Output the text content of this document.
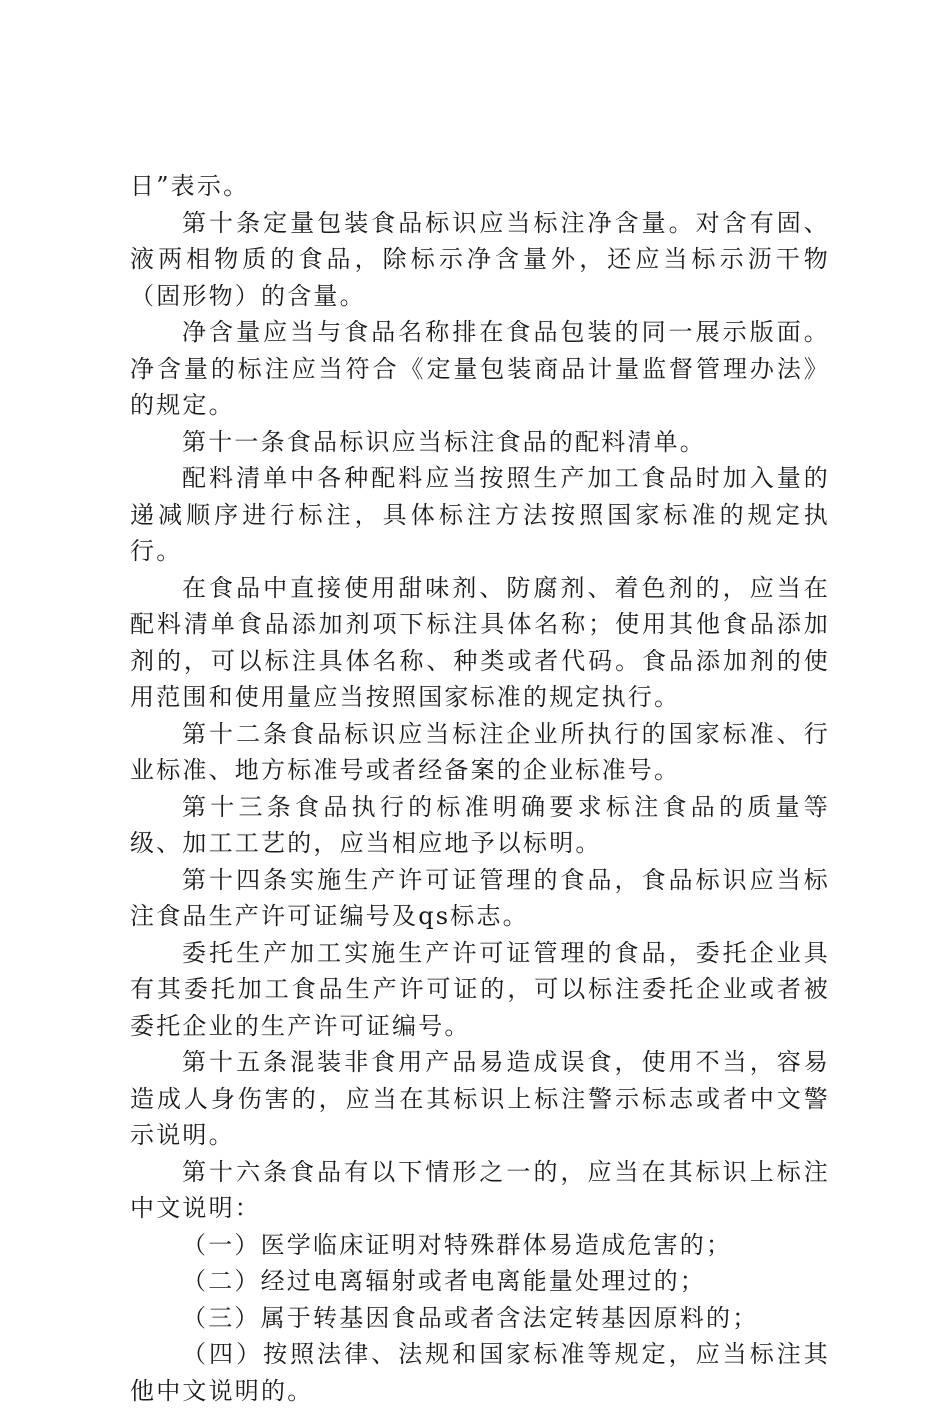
日”表示。

第十条定量包装食品标识应当标注净含量。对含有固、液两相物质的食品，除标示净含量外，还应当标示沥干物（固形物）的含量。

净含量应当与食品名称排在食品包装的同一展示版面。净含量的标注应当符合《定量包装商品计量监督管理办法》的规定。

第十一条食品标识应当标注食品的配料清单。

配料清单中各种配料应当按照生产加工食品时加入量的递减顺序进行标注，具体标注方法按照国家标准的规定执行。

在食品中直接使用甜味剂、防腐剂、着色剂的，应当在配料清单食品添加剂项下标注具体名称；使用其他食品添加剂的，可以标注具体名称、种类或者代码。食品添加剂的使用范围和使用量应当按照国家标准的规定执行。

第十二条食品标识应当标注企业所执行的国家标准、行业标准、地方标准号或者经备案的企业标准号。

第十三条食品执行的标准明确要求标注食品的质量等级、加工工艺的，应当相应地予以标明。

第十四条实施生产许可证管理的食品，食品标识应当标注食品生产许可证编号及qs标志。

委托生产加工实施生产许可证管理的食品，委托企业具有其委托加工食品生产许可证的，可以标注委托企业或者被委托企业的生产许可证编号。

第十五条混装非食用产品易造成误食，使用不当，容易造成人身伤害的，应当在其标识上标注警示标志或者中文警示说明。

第十六条食品有以下情形之一的，应当在其标识上标注中文说明：

（一）医学临床证明对特殊群体易造成危害的；

（二）经过电离辐射或者电离能量处理过的；

（三）属于转基因食品或者含法定转基因原料的；

（四）按照法律、法规和国家标准等规定，应当标注其他中文说明的。
